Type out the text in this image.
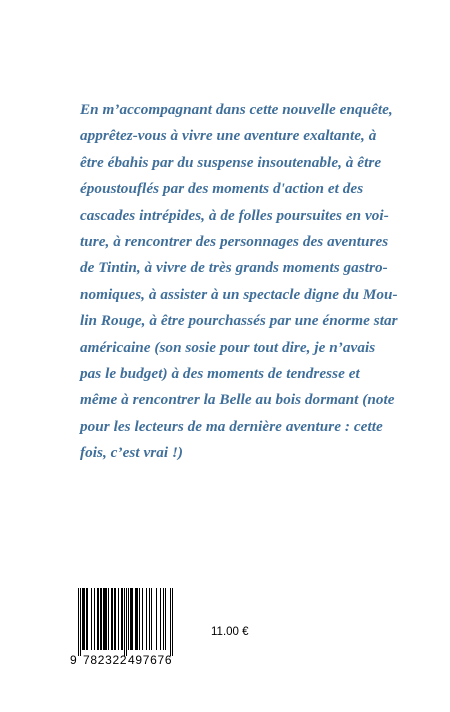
En m’accompagnant dans cette nouvelle enquête,
apprêtez-vous à vivre une aventure exaltante, à
être ébahis par du suspense insoutenable, à être
époustouflés par des moments d'action et des
cascades intrépides, à de folles poursuites en voi-
ture, à rencontrer des personnages des aventures
de Tintin, à vivre de très grands moments gastro-
nomiques, à assister à un spectacle digne du Mou-
lin Rouge, à être pourchassés par une énorme star
américaine (son sosie pour tout dire, je n’avais
pas le budget) à des moments de tendresse et
même à rencontrer la Belle au bois dormant (note
pour les lecteurs de ma dernière aventure : cette
fois, c’est vrai !)

9 782322 497676
11.00 €
